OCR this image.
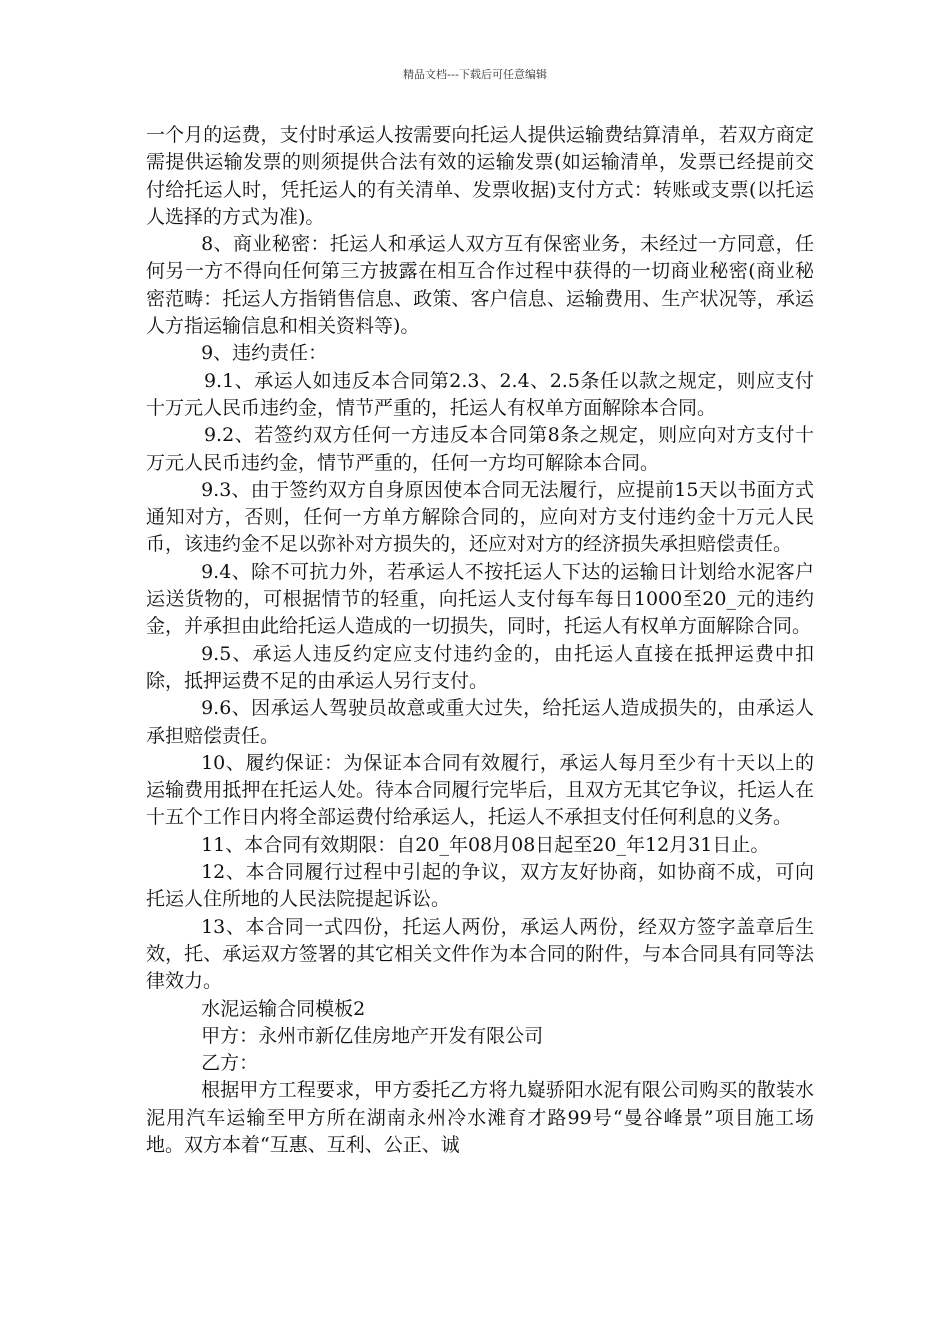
精品文档---下载后可任意编辑

一个月的运费，支付时承运人按需要向托运人提供运输费结算清单，若双方商定需提供运输发票的则须提供合法有效的运输发票(如运输清单，发票已经提前交付给托运人时，凭托运人的有关清单、发票收据)支付方式：转账或支票(以托运人选择的方式为准)。

8、商业秘密：托运人和承运人双方互有保密业务，未经过一方同意，任何另一方不得向任何第三方披露在相互合作过程中获得的一切商业秘密(商业秘密范畴：托运人方指销售信息、政策、客户信息、运输费用、生产状况等，承运人方指运输信息和相关资料等)。

9、违约责任：

9.1、承运人如违反本合同第2.3、2.4、2.5条任以款之规定，则应支付十万元人民币违约金，情节严重的，托运人有权单方面解除本合同。

9.2、若签约双方任何一方违反本合同第8条之规定，则应向对方支付十万元人民币违约金，情节严重的，任何一方均可解除本合同。

9.3、由于签约双方自身原因使本合同无法履行，应提前15天以书面方式通知对方，否则，任何一方单方解除合同的，应向对方支付违约金十万元人民币，该违约金不足以弥补对方损失的，还应对对方的经济损失承担赔偿责任。

9.4、除不可抗力外，若承运人不按托运人下达的运输日计划给水泥客户运送货物的，可根据情节的轻重，向托运人支付每车每日1000至20_元的违约金，并承担由此给托运人造成的一切损失，同时，托运人有权单方面解除合同。

9.5、承运人违反约定应支付违约金的，由托运人直接在抵押运费中扣除，抵押运费不足的由承运人另行支付。

9.6、因承运人驾驶员故意或重大过失，给托运人造成损失的，由承运人承担赔偿责任。

10、履约保证：为保证本合同有效履行，承运人每月至少有十天以上的运输费用抵押在托运人处。待本合同履行完毕后，且双方无其它争议，托运人在十五个工作日内将全部运费付给承运人，托运人不承担支付任何利息的义务。

11、本合同有效期限：自20_年08月08日起至20_年12月31日止。

12、本合同履行过程中引起的争议，双方友好协商，如协商不成，可向托运人住所地的人民法院提起诉讼。

13、本合同一式四份，托运人两份，承运人两份，经双方签字盖章后生效，托、承运双方签署的其它相关文件作为本合同的附件，与本合同具有同等法律效力。

水泥运输合同模板2

甲方：永州市新亿佳房地产开发有限公司

乙方：

根据甲方工程要求，甲方委托乙方将九嶷骄阳水泥有限公司购买的散装水泥用汽车运输至甲方所在湖南永州冷水滩育才路99号“曼谷峰景”项目施工场地。双方本着“互惠、互利、公正、诚
